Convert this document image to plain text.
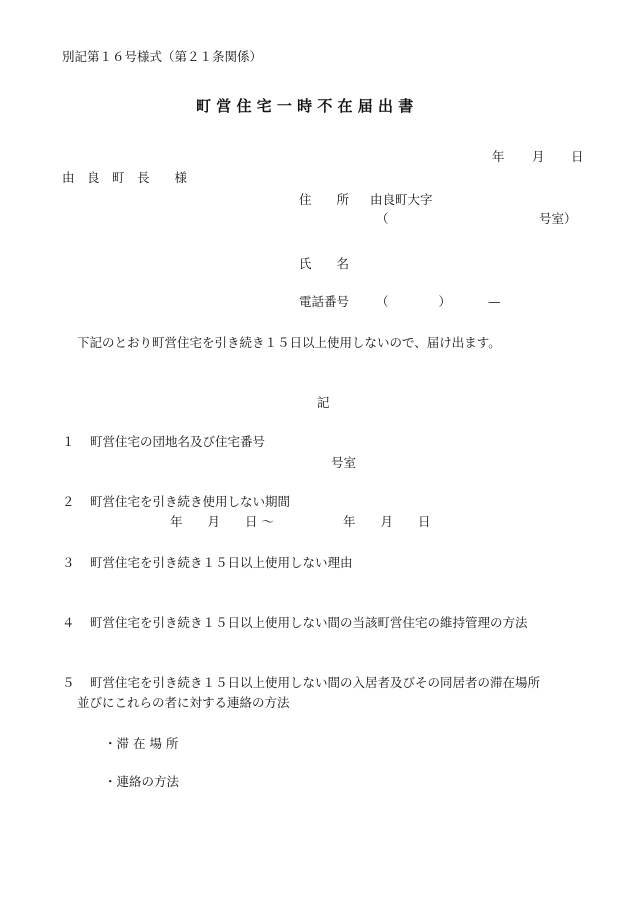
別記第１６号様式（第２１条関係）
町 営 住 宅 一 時 不 在 届 出 書
年 月 日
由　良　町　長　　様
住　　所 由良町大字
（	号室）
氏　　名
電話番号 （　　　　）	—
下記のとおり町営住宅を引き続き１５日以上使用しないので、届け出ます。
記
１ 町営住宅の団地名及び住宅番号
号室
２ 町営住宅を引き続き使用しない期間
年　　月　　日 ～	年　　月　　日
３ 町営住宅を引き続き１５日以上使用しない理由
４ 町営住宅を引き続き１５日以上使用しない間の当該町営住宅の維持管理の方法
５ 町営住宅を引き続き１５日以上使用しない間の入居者及びその同居者の滞在場所
並びにこれらの者に対する連絡の方法
・滞 在 場 所
・連絡の方法
